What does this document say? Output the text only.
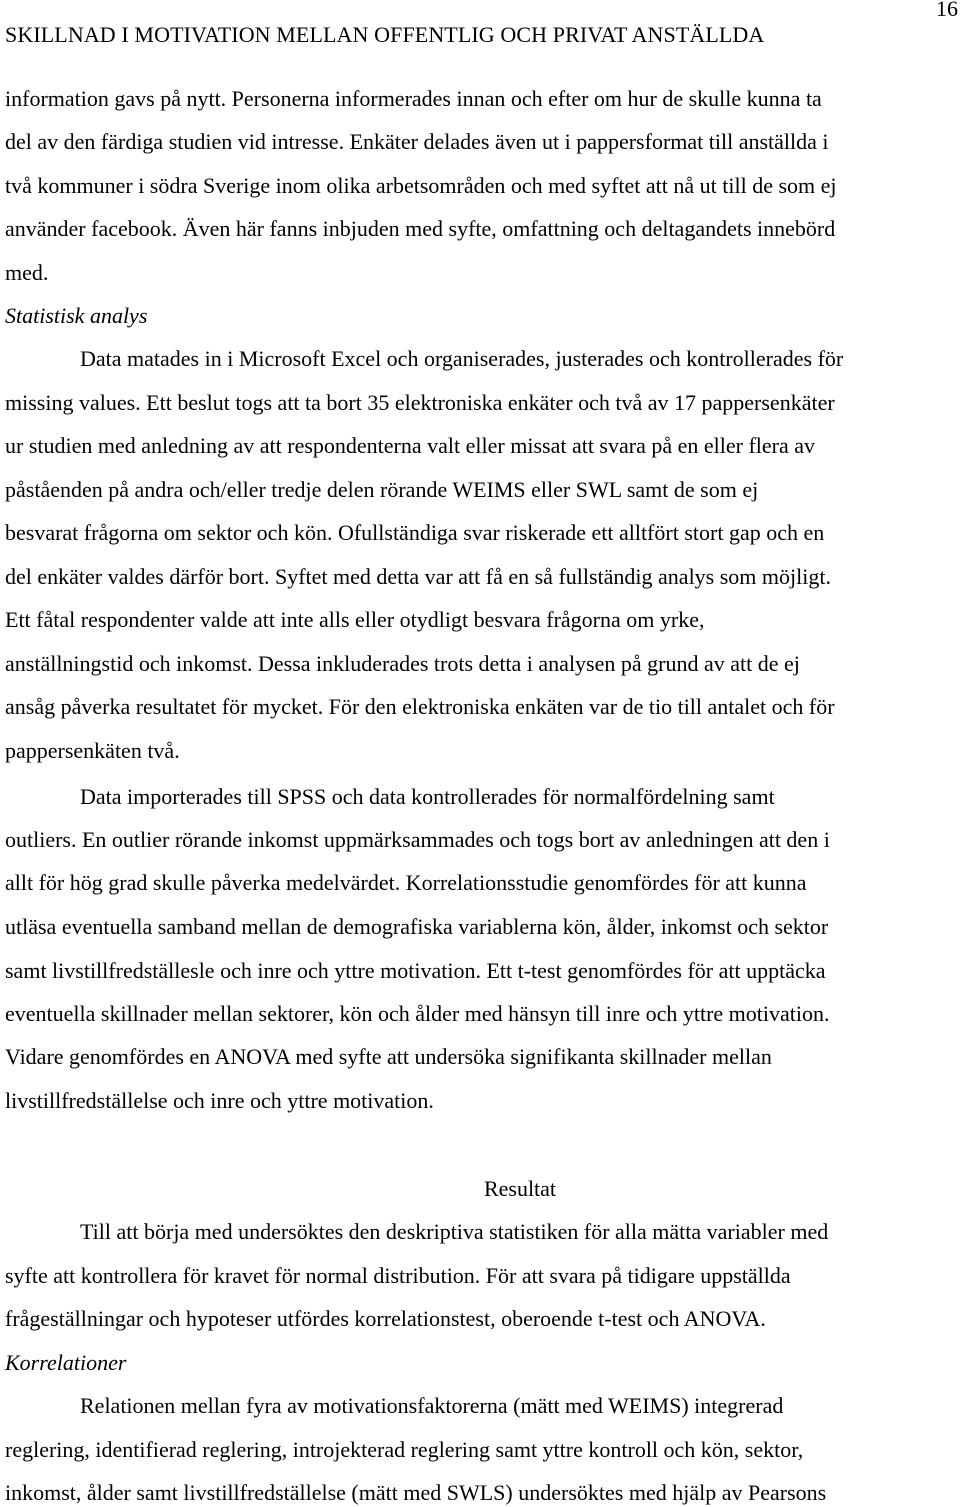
16
SKILLNAD I MOTIVATION MELLAN OFFENTLIG OCH PRIVAT ANSTÄLLDA
information gavs på nytt. Personerna informerades innan och efter om hur de skulle kunna ta
del av den färdiga studien vid intresse. Enkäter delades även ut i pappersformat till anställda i
två kommuner i södra Sverige inom olika arbetsområden och med syftet att nå ut till de som ej
använder facebook. Även här fanns inbjuden med syfte, omfattning och deltagandets innebörd
med.
Statistisk analys
Data matades in i Microsoft Excel och organiserades, justerades och kontrollerades för
missing values. Ett beslut togs att ta bort 35 elektroniska enkäter och två av 17 pappersenkäter
ur studien med anledning av att respondenterna valt eller missat att svara på en eller flera av
påståenden på andra och/eller tredje delen rörande WEIMS eller SWL samt de som ej
besvarat frågorna om sektor och kön. Ofullständiga svar riskerade ett alltfört stort gap och en
del enkäter valdes därför bort. Syftet med detta var att få en så fullständig analys som möjligt.
Ett fåtal respondenter valde att inte alls eller otydligt besvara frågorna om yrke,
anställningstid och inkomst. Dessa inkluderades trots detta i analysen på grund av att de ej
ansåg påverka resultatet för mycket. För den elektroniska enkäten var de tio till antalet och för
pappersenkäten två.
Data importerades till SPSS och data kontrollerades för normalfördelning samt
outliers. En outlier rörande inkomst uppmärksammades och togs bort av anledningen att den i
allt för hög grad skulle påverka medelvärdet. Korrelationsstudie genomfördes för att kunna
utläsa eventuella samband mellan de demografiska variablerna kön, ålder, inkomst och sektor
samt livstillfredställesle och inre och yttre motivation. Ett t-test genomfördes för att upptäcka
eventuella skillnader mellan sektorer, kön och ålder med hänsyn till inre och yttre motivation.
Vidare genomfördes en ANOVA med syfte att undersöka signifikanta skillnader mellan
livstillfredställelse och inre och yttre motivation.
Resultat
Till att börja med undersöktes den deskriptiva statistiken för alla mätta variabler med
syfte att kontrollera för kravet för normal distribution. För att svara på tidigare uppställda
frågeställningar och hypoteser utfördes korrelationstest, oberoende t-test och ANOVA.
Korrelationer
Relationen mellan fyra av motivationsfaktorerna (mätt med WEIMS) integrerad
reglering, identifierad reglering, introjekterad reglering samt yttre kontroll och kön, sektor,
inkomst, ålder samt livstillfredställelse (mätt med SWLS) undersöktes med hjälp av Pearsons
